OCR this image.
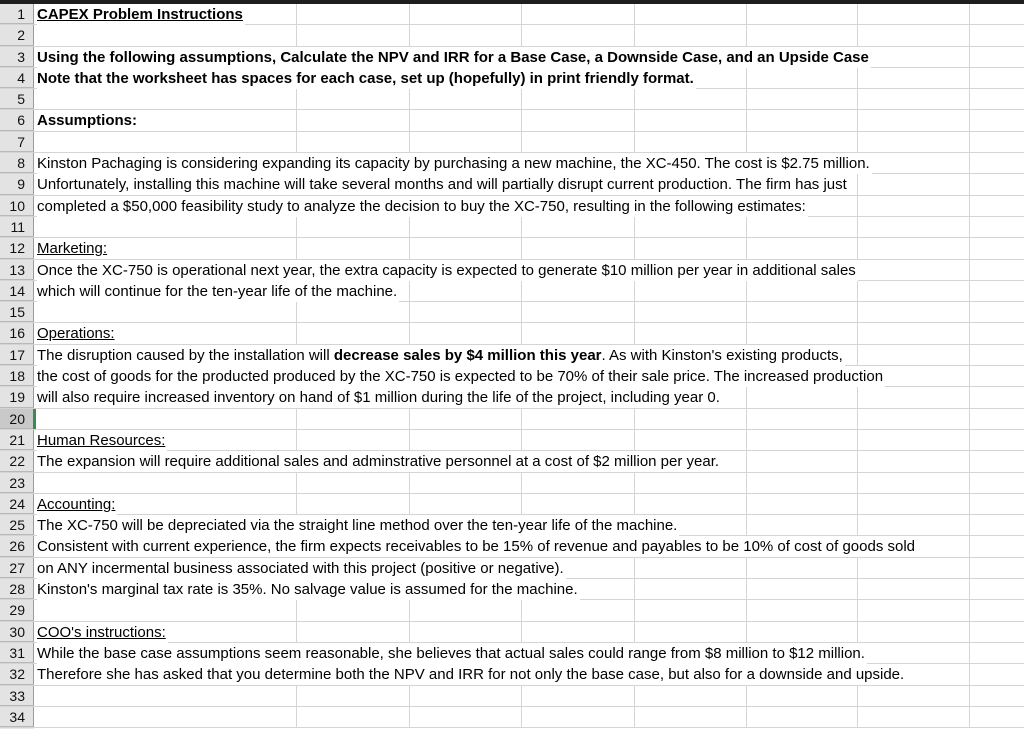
1 CAPEX Problem Instructions
2
3 Using the following assumptions, Calculate the NPV and IRR for a Base Case, a Downside Case, and an Upside Case
4 Note that the worksheet has spaces for each case, set up (hopefully) in print friendly format.
5
6 Assumptions:
7
8 Kinston Pachaging is considering expanding its capacity by purchasing a new machine, the XC-450. The cost is $2.75 million.
9 Unfortunately, installing this machine will take several months and will partially disrupt current production. The firm has just
10 completed a $50,000 feasibility study to analyze the decision to buy the XC-750, resulting in the following estimates:
11
12 Marketing:
13 Once the XC-750 is operational next year, the extra capacity is expected to generate $10 million per year in additional sales
14 which will continue for the ten-year life of the machine.
15
16 Operations:
17 The disruption caused by the installation will decrease sales by $4 million this year. As with Kinston's existing products,
18 the cost of goods for the producted produced by the XC-750 is expected to be 70% of their sale price. The increased production
19 will also require increased inventory on hand of $1 million during the life of the project, including year 0.
20
21 Human Resources:
22 The expansion will require additional sales and adminstrative personnel at a cost of $2 million per year.
23
24 Accounting:
25 The XC-750 will be depreciated via the straight line method over the ten-year life of the machine.
26 Consistent with current experience, the firm expects receivables to be 15% of revenue and payables to be 10% of cost of goods sold
27 on ANY incermental business associated with this project (positive or negative).
28 Kinston's marginal tax rate is 35%. No salvage value is assumed for the machine.
29
30 COO's instructions:
31 While the base case assumptions seem reasonable, she believes that actual sales could range from $8 million to $12 million.
32 Therefore she has asked that you determine both the NPV and IRR for not only the base case, but also for a downside and upside.
33
34
